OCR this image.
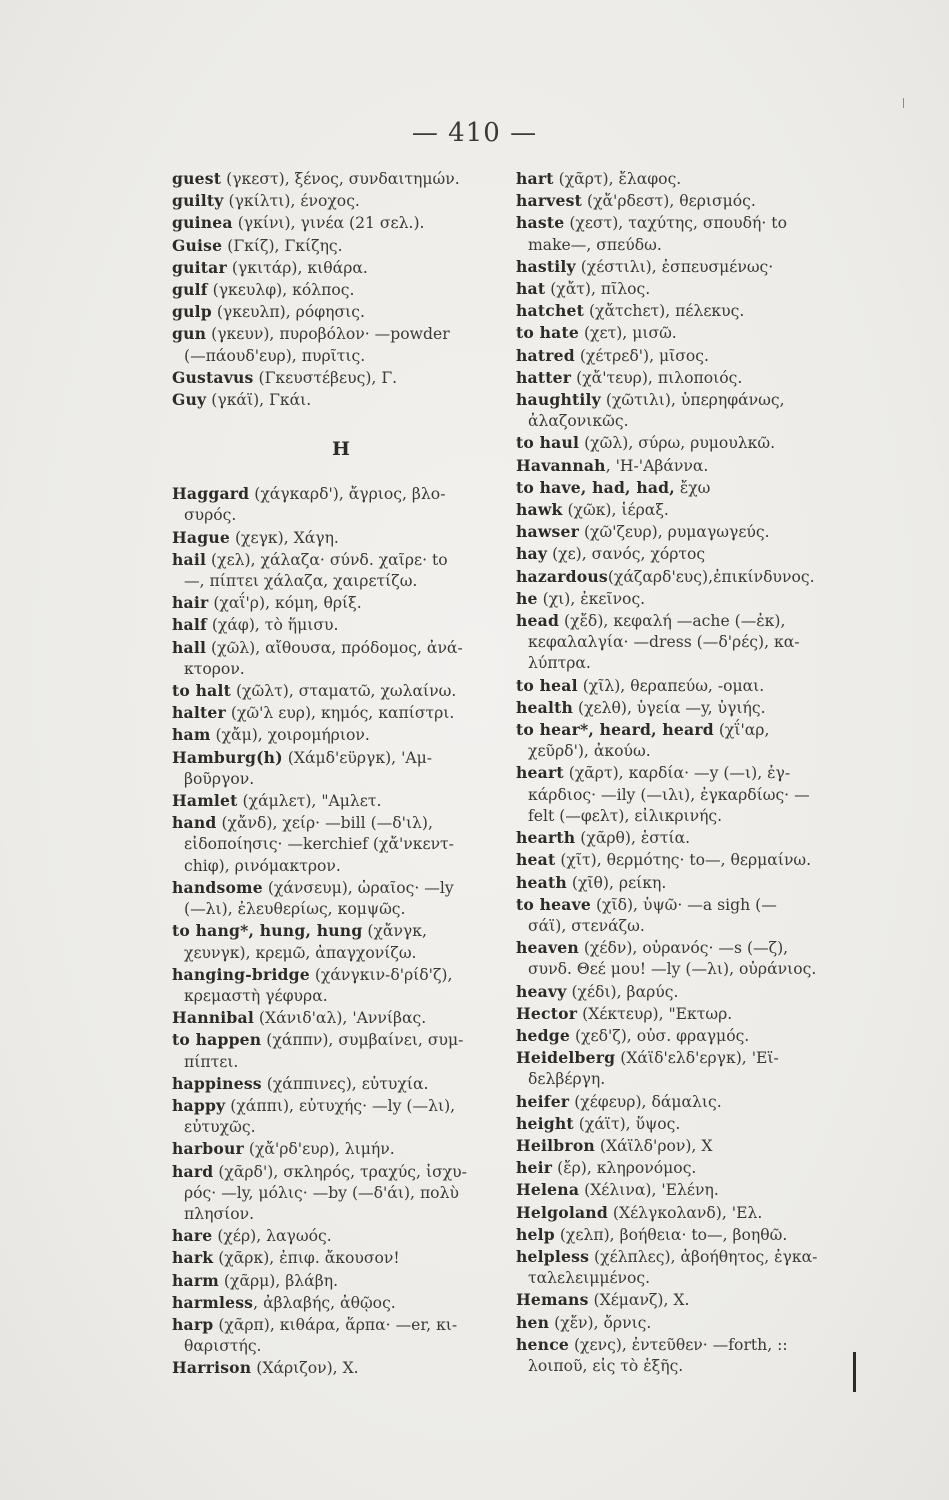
— 410 —

guest (γκεστ), ξένος, συνδαιτημών.

guilty (γκίλτι), ένοχος.

guinea (γκίνι), γινέα (21 σελ.).

Guise (Γκίζ), Γκίζης.

guitar (γκιτάρ), κιθάρα.

gulf (γκευλφ), κόλπος.

gulp (γκευλπ), ρόφησις.

gun (γκευν), πυροβόλον· —powder

(—πάουδ'ευρ), πυρῖτις.

Gustavus (Γκευστέβευς), Γ.

Guy (γκάϊ), Γκάι.

H

Haggard (χάγκαρδ'), ἄγριος, βλο-

συρός.

Hague (χεγκ), Χάγη.

hail (χελ), χάλαζα· σύνδ. χαῖρε· to

—, πίπτει χάλαζα, χαιρετίζω.

hair (χαΐ'ρ), κόμη, θρίξ.

half (χάφ), τὸ ἥμισυ.

hall (χῶλ), αἴθουσα, πρόδομος, ἀνά-

κτορον.

to halt (χῶλτ), σταματῶ, χωλαίνω.

halter (χῶ'λ ευρ), κημός, καπίστρι.

ham (χἄμ), χοιρομήριον.

Hamburg(h) (Χάμδ'εϋργκ), 'Αμ-

βοῦργον.

Hamlet (χάμλετ), "Αμλετ.

hand (χἄνδ), χείρ· —bill (—δ'ιλ),

εἰδοποίησις· —kerchief (χἄ'νκεντ-

chiφ), ρινόμακτρον.

handsome (χάνσευμ), ὡραῖος· —ly

(—λι), ἐλευθερίως, κομψῶς.

to hang*, hung, hung (χἄνγκ,

χευνγκ), κρεμῶ, ἀπαγχονίζω.

hanging-bridge (χάνγκιν-δ'ρίδ'ζ),

κρεμαστὴ γέφυρα.

Hannibal (Χάνιδ'αλ), 'Αννίβας.

to happen (χάππν), συμβαίνει, συμ-

πίπτει.

happiness (χάππινες), εὐτυχία.

happy (χάππι), εὐτυχής· —ly (—λι),

εὐτυχῶς.

harbour (χἄ'ρδ'ευρ), λιμήν.

hard (χᾶρδ'), σκληρός, τραχύς, ἰσχυ-

ρός· —ly, μόλις· —by (—δ'άι), πολὺ

πλησίον.

hare (χέρ), λαγωός.

hark (χᾶρκ), ἐπιφ. ἄκουσον!

harm (χᾶρμ), βλάβη.

harmless, ἀβλαβής, ἀθῷος.

harp (χᾶρπ), κιθάρα, ἅρπα· —er, κι-

θαριστής.

Harrison (Χάριζον), Χ.

hart (χᾶρτ), ἔλαφος.

harvest (χἄ'ρδεστ), θερισμός.

haste (χεστ), ταχύτης, σπουδή· to

make—, σπεύδω.

hastily (χέστιλι), ἐσπευσμένως·

hat (χἄτ), πῖλος.

hatchet (χἄτchετ), πέλεκυς.

to hate (χετ), μισῶ.

hatred (χέτρεδ'), μῖσος.

hatter (χἄ'τευρ), πιλοποιός.

haughtily (χῶτιλι), ὑπερηφάνως,

ἀλαζονικῶς.

to haul (χῶλ), σύρω, ρυμουλκῶ.

Havannah, 'Η-'Αβάννα.

to have, had, had, ἔχω

hawk (χῶκ), ἱέραξ.

hawser (χῶ'ζευρ), ρυμαγωγεύς.

hay (χε), σανός, χόρτος

hazardous(χάζαρδ'ευς),ἐπικίνδυνος.

he (χι), ἐκεῖνος.

head (χἔδ), κεφαλή —ache (—ἐκ),

κεφαλαλγία· —dress (—δ'ρές), κα-

λύπτρα.

to heal (χῖλ), θεραπεύω, -ομαι.

health (χελθ), ὑγεία —y, ὑγιής.

to hear*, heard, heard (χΐ'αρ,

χεῦρδ'), ἀκούω.

heart (χᾶρτ), καρδία· —y (—ι), ἐγ-

κάρδιος· —ily (—ιλι), ἐγκαρδίως· —

felt (—φελτ), εἰλικρινής.

hearth (χᾶρθ), ἑστία.

heat (χῖτ), θερμότης· to—, θερμαίνω.

heath (χῖθ), ρείκη.

to heave (χῖδ), ὑψῶ· —a sigh (—

σάϊ), στενάζω.

heaven (χέδν), οὐρανός· —s (—ζ),

συνδ. Θεέ μου! —ly (—λι), οὐράνιος.

heavy (χέδι), βαρύς.

Hector (Χέκτευρ), "Εκτωρ.

hedge (χεδ'ζ), οὐσ. φραγμός.

Heidelberg (Χάϊδ'ελδ'εργκ), 'Εϊ-

δελβέργη.

heifer (χέφευρ), δάμαλις.

height (χάϊτ), ὕψος.

Heilbron (Χάϊλδ'ρον), Χ

heir (ἔρ), κληρονόμος.

Helena (Χέλινα), 'Ελένη.

Helgoland (Χέλγκολανδ), 'Ελ.

help (χελπ), βοήθεια· to—, βοηθῶ.

helpless (χέλπλες), ἀβοήθητος, ἐγκα-

ταλελειμμένος.

Hemans (Χέμανζ), Χ.

hen (χἔν), ὄρνις.

hence (χενς), ἐντεῦθεν· —forth, ::

λοιποῦ, εἰς τὸ ἑξῆς.
